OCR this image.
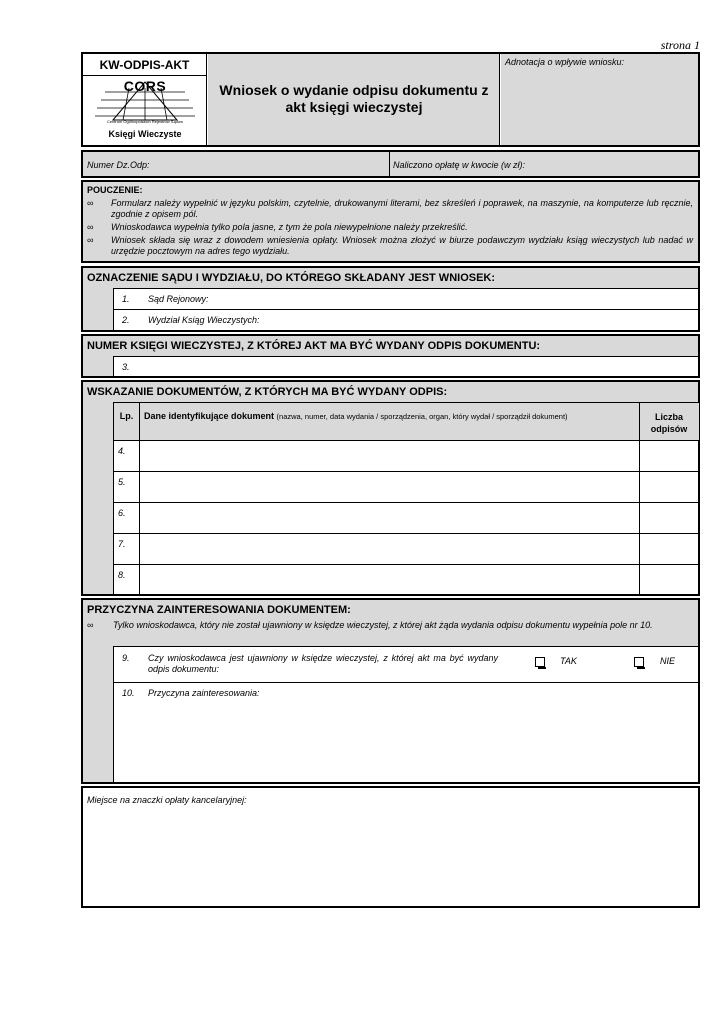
strona 1
KW-ODPIS-AKT
CORS
Centrum Ogólnopolskich Rejestrów Sądów
Księgi Wieczyste
Wniosek o wydanie odpisu dokumentu z akt księgi wieczystej
Adnotacja o wpływie wniosku:
Numer Dz.Odp:	Naliczono opłatę w kwocie (w zł):
POUCZENIE:
∞	Formularz należy wypełnić w języku polskim, czytelnie, drukowanymi literami, bez skreśleń i poprawek, na maszynie, na komputerze lub ręcznie, zgodnie z opisem pól.
∞	Wnioskodawca wypełnia tylko pola jasne, z tym że pola niewypełnione należy przekreślić.
∞	Wniosek składa się wraz z dowodem wniesienia opłaty. Wniosek można złożyć w biurze podawczym wydziału ksiąg wieczystych lub nadać w urzędzie pocztowym na adres tego wydziału.
OZNACZENIE SĄDU I WYDZIAŁU, DO KTÓREGO SKŁADANY JEST WNIOSEK:
1. Sąd Rejonowy:
2. Wydział Ksiąg Wieczystych:
NUMER KSIĘGI WIECZYSTEJ, Z KTÓREJ AKT MA BYĆ WYDANY ODPIS DOKUMENTU:
3.
WSKAZANIE DOKUMENTÓW, Z KTÓRYCH MA BYĆ WYDANY ODPIS:
Lp.	Dane identyfikujące dokument (nazwa, numer, data wydania / sporządzenia, organ, który wydał / sporządził dokument)	Liczba odpisów
4.
5.
6.
7.
8.
PRZYCZYNA ZAINTERESOWANIA DOKUMENTEM:
∞	Tylko wnioskodawca, który nie został ujawniony w księdze wieczystej, z której akt żąda wydania odpisu dokumentu wypełnia pole nr 10.
9. Czy wnioskodawca jest ujawniony w księdze wieczystej, z której akt ma być wydany odpis dokumentu:
TAK	NIE
10. Przyczyna zainteresowania:
Miejsce na znaczki opłaty kancelaryjnej:
